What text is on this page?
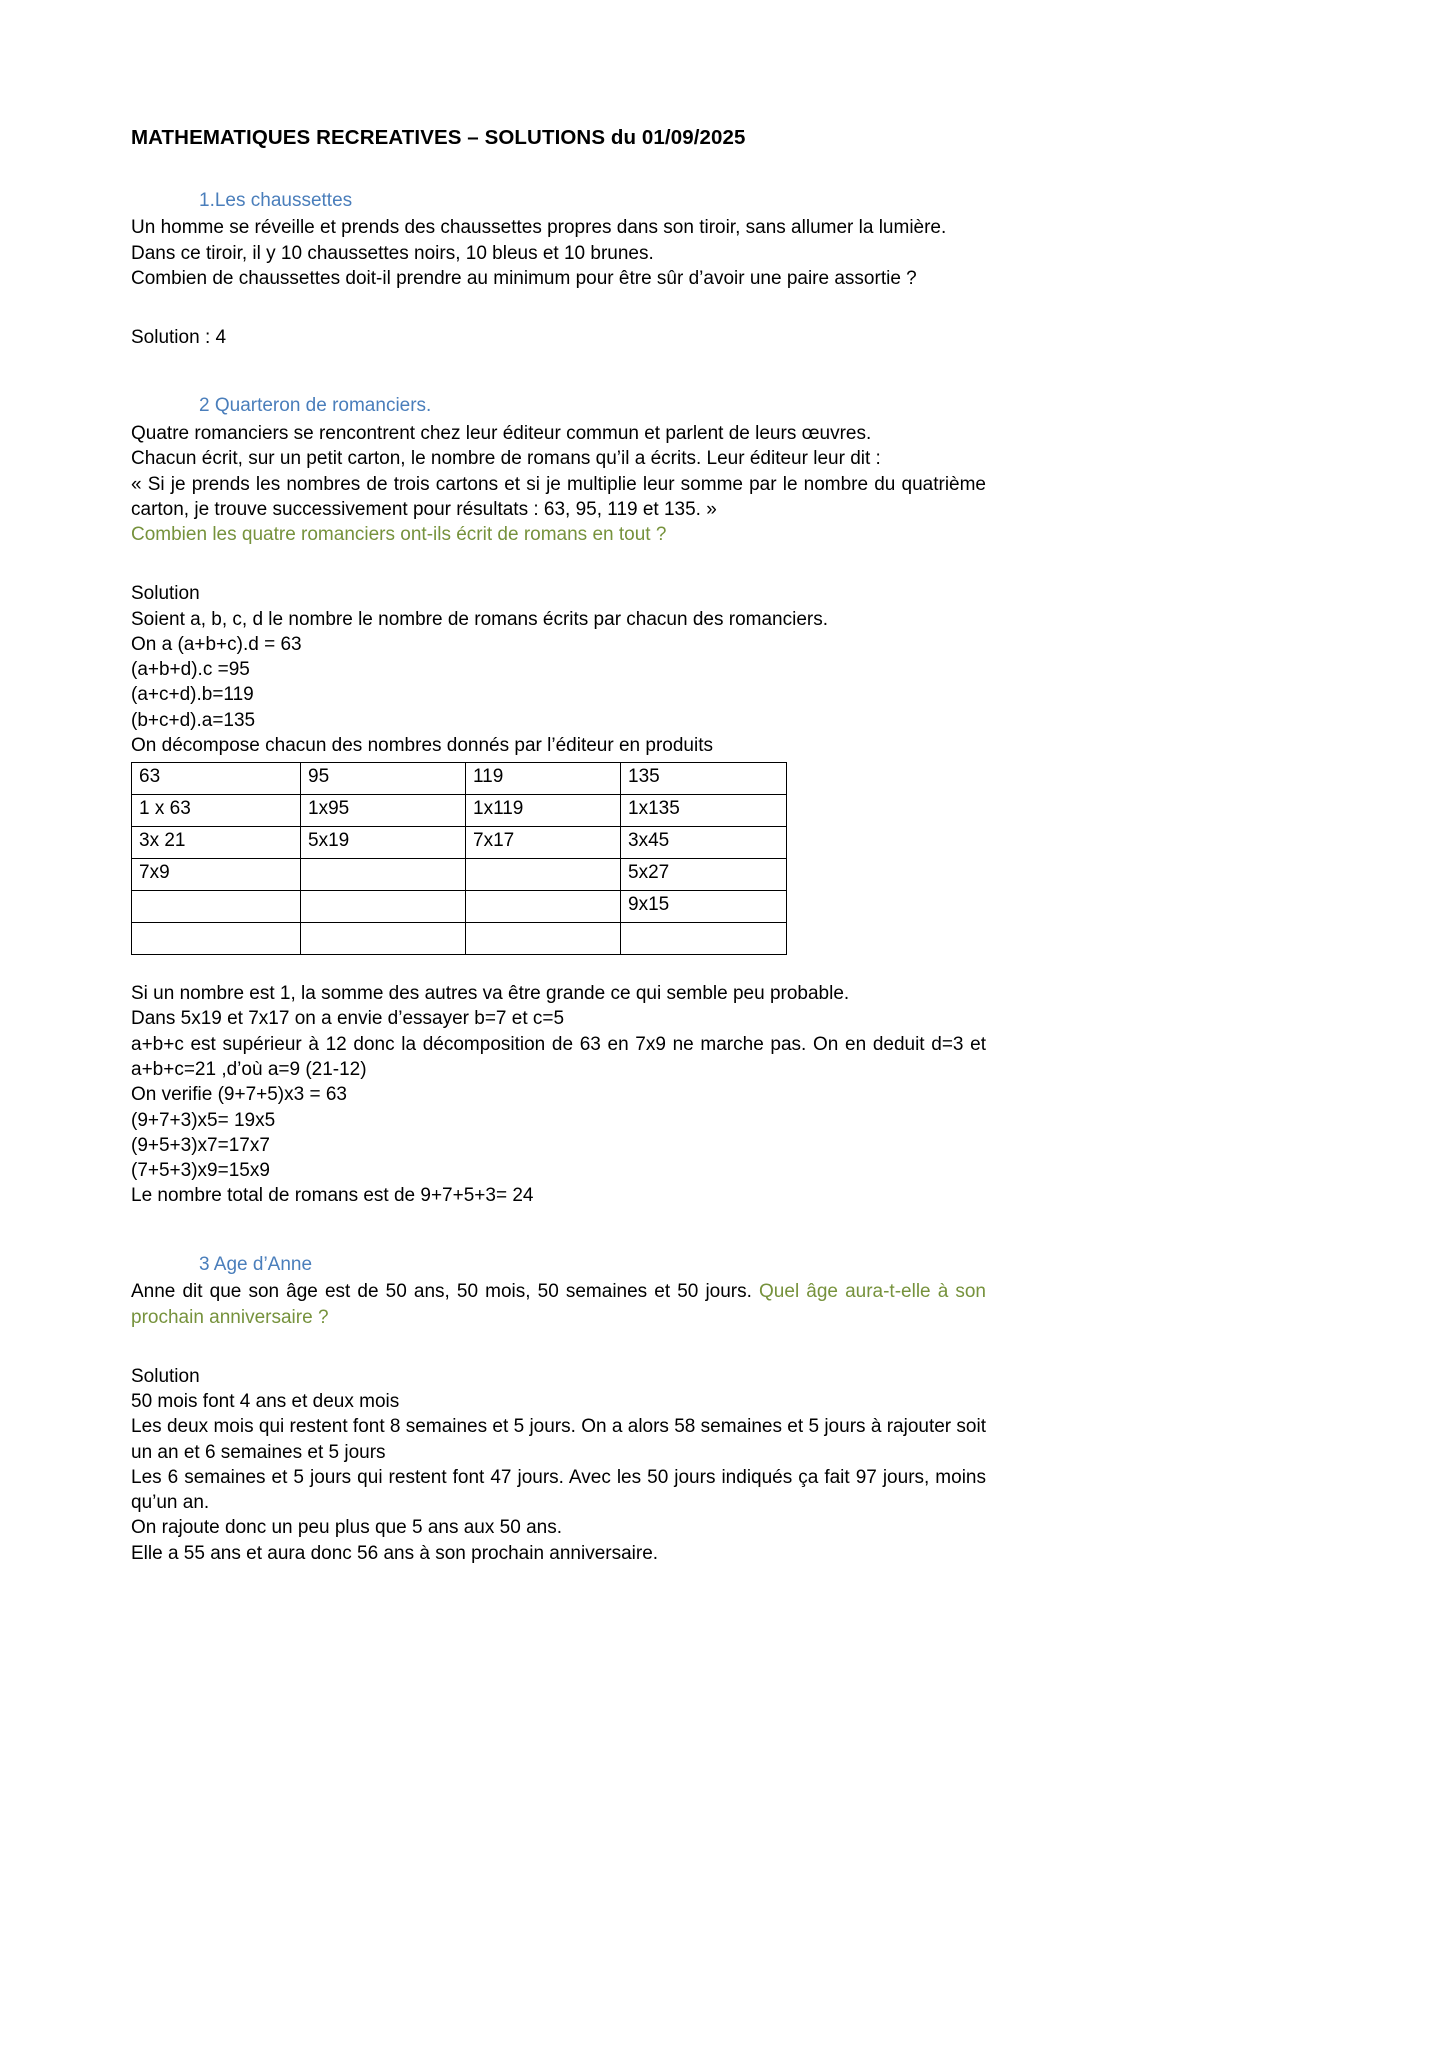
MATHEMATIQUES RECREATIVES – SOLUTIONS du 01/09/2025
1.Les chaussettes

Un homme se réveille et prends des chaussettes propres dans son tiroir, sans allumer la lumière.

Dans ce tiroir, il y 10 chaussettes noirs, 10 bleus et 10 brunes.

Combien de chaussettes doit-il prendre au minimum pour être sûr d’avoir une paire assortie ?

Solution : 4

2 Quarteron de romanciers.

Quatre romanciers se rencontrent chez leur éditeur commun et parlent de leurs œuvres.

Chacun écrit, sur un petit carton, le nombre de romans qu’il a écrits. Leur éditeur leur dit :

« Si je prends les nombres de trois cartons et si je multiplie leur somme par le nombre du quatrième carton, je trouve successivement pour résultats : 63, 95, 119 et 135. »

Combien les quatre romanciers ont-ils écrit de romans en tout ?

Solution

Soient a, b, c, d le nombre le nombre de romans écrits par chacun des romanciers.

On a (a+b+c).d = 63

(a+b+d).c =95

(a+c+d).b=119

(b+c+d).a=135

On décompose chacun des nombres donnés par l’éditeur en produits

63	95	119	135
1 x 63	1x95	1x119	1x135
3x 21	5x19	7x17	3x45
7x9			5x27
			9x15

Si un nombre est 1, la somme des autres va être grande ce qui semble peu probable.

Dans 5x19 et 7x17 on a envie d’essayer b=7 et c=5

a+b+c est supérieur à 12 donc la décomposition de 63 en 7x9 ne marche pas. On en deduit d=3 et a+b+c=21 ,d’où a=9 (21-12)

On verifie (9+7+5)x3 = 63

(9+7+3)x5= 19x5

(9+5+3)x7=17x7

(7+5+3)x9=15x9

Le nombre total de romans est de 9+7+5+3= 24

3 Age d’Anne

Anne dit que son âge est de 50 ans, 50 mois, 50 semaines et 50 jours. Quel âge aura-t-elle à son prochain anniversaire ?

Solution

50 mois font 4 ans et deux mois

Les deux mois qui restent font 8 semaines et 5 jours. On a alors 58 semaines et 5 jours à rajouter soit un an et 6 semaines et 5 jours

Les 6 semaines et 5 jours qui restent font 47 jours. Avec les 50 jours indiqués ça fait 97 jours, moins qu’un an.

On rajoute donc un peu plus que 5 ans aux 50 ans.

Elle a 55 ans et aura donc 56 ans à son prochain anniversaire.
